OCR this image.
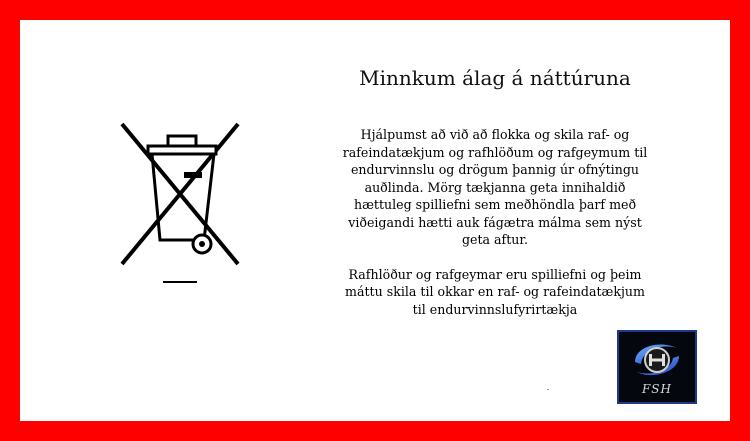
Minnkum álag á náttúruna

Hjálpumst að við að flokka og skila raf- og rafeindatækjum og rafhlöðum og rafgeymum til endurvinnslu og drögum þannig úr ofnýtingu auðlinda. Mörg tækjanna geta innihaldið hættuleg spilliefni sem meðhöndla þarf með viðeigandi hætti auk fágætra málma sem nýst geta aftur.

Rafhlöður og rafgeymar eru spilliefni og þeim máttu skila til okkar en raf- og rafeindatækjum til endurvinnslufyrirtækja

FSH
